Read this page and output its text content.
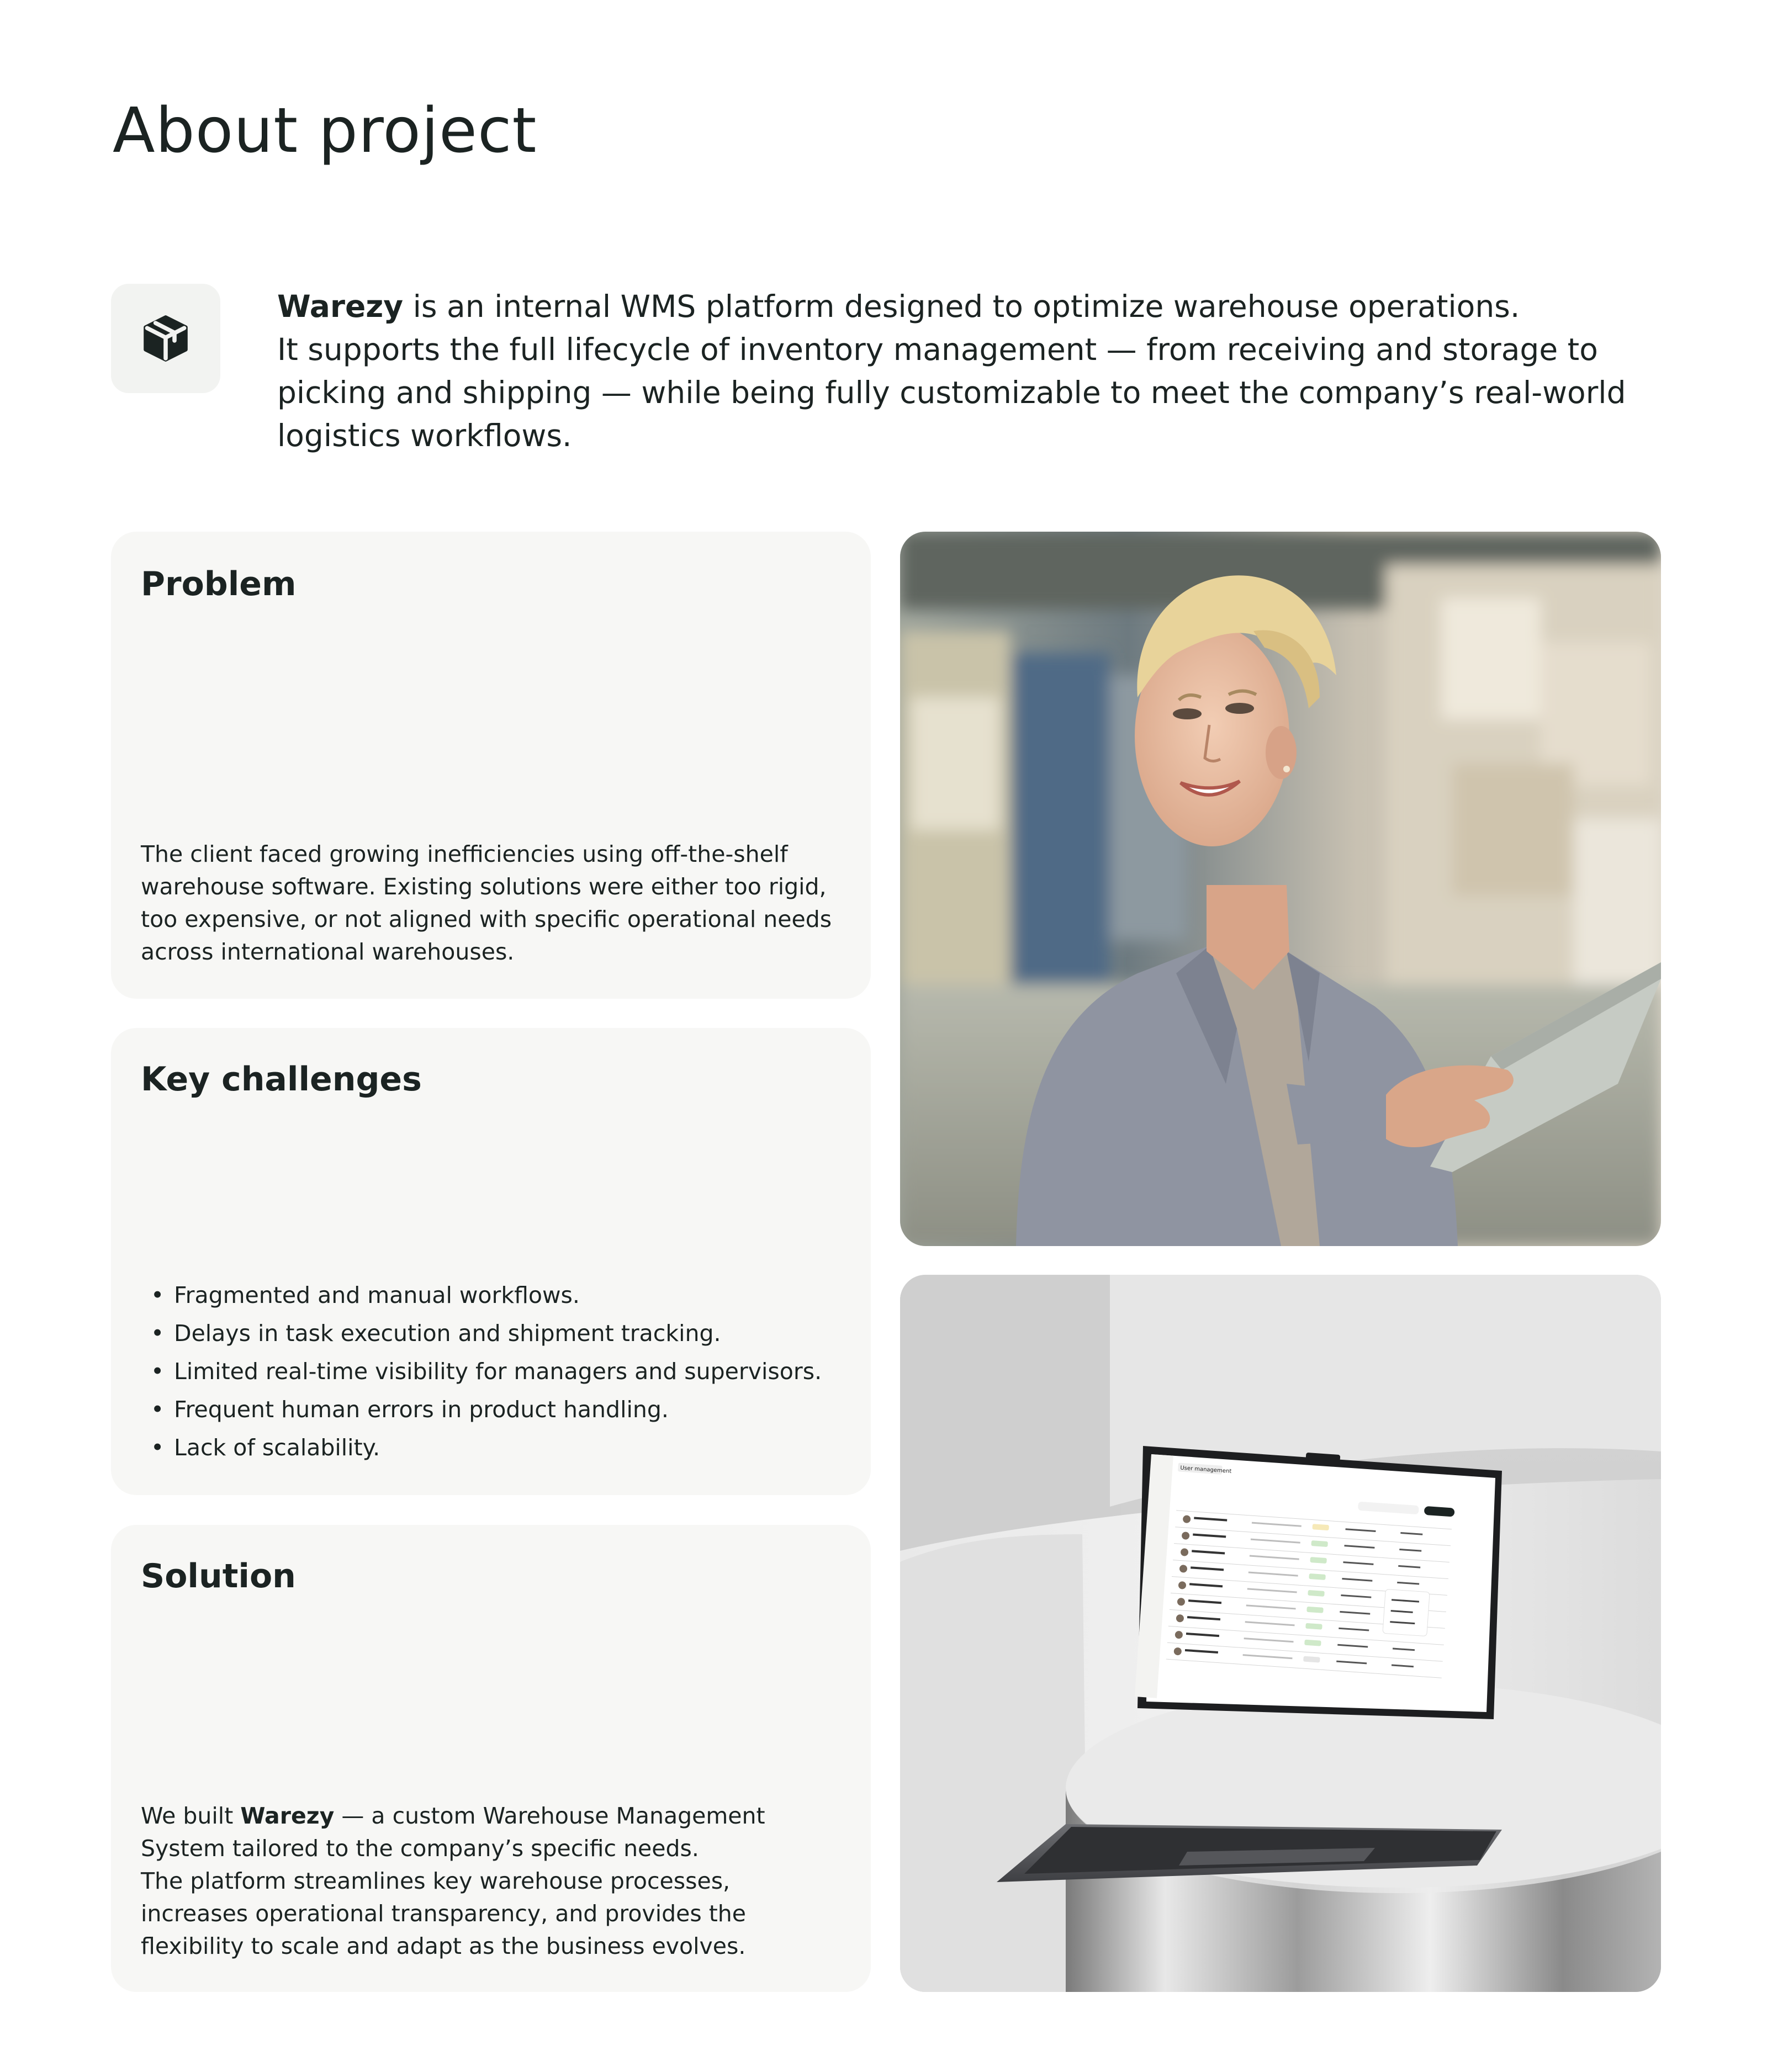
About project

Warezy is an internal WMS platform designed to optimize warehouse operations.
It supports the full lifecycle of inventory management — from receiving and storage to picking and shipping — while being fully customizable to meet the company’s real-world logistics workflows.

Problem

The client faced growing inefficiencies using off-the-shelf warehouse software. Existing solutions were either too rigid, too expensive, or not aligned with specific operational needs across international warehouses.

Key challenges
• Fragmented and manual workflows.
• Delays in task execution and shipment tracking.
• Limited real-time visibility for managers and supervisors.
• Frequent human errors in product handling.
• Lack of scalability.
Solution

We built Warezy — a custom Warehouse Management System tailored to the company’s specific needs.
The platform streamlines key warehouse processes, increases operational transparency, and provides the flexibility to scale and adapt as the business evolves.

User management
